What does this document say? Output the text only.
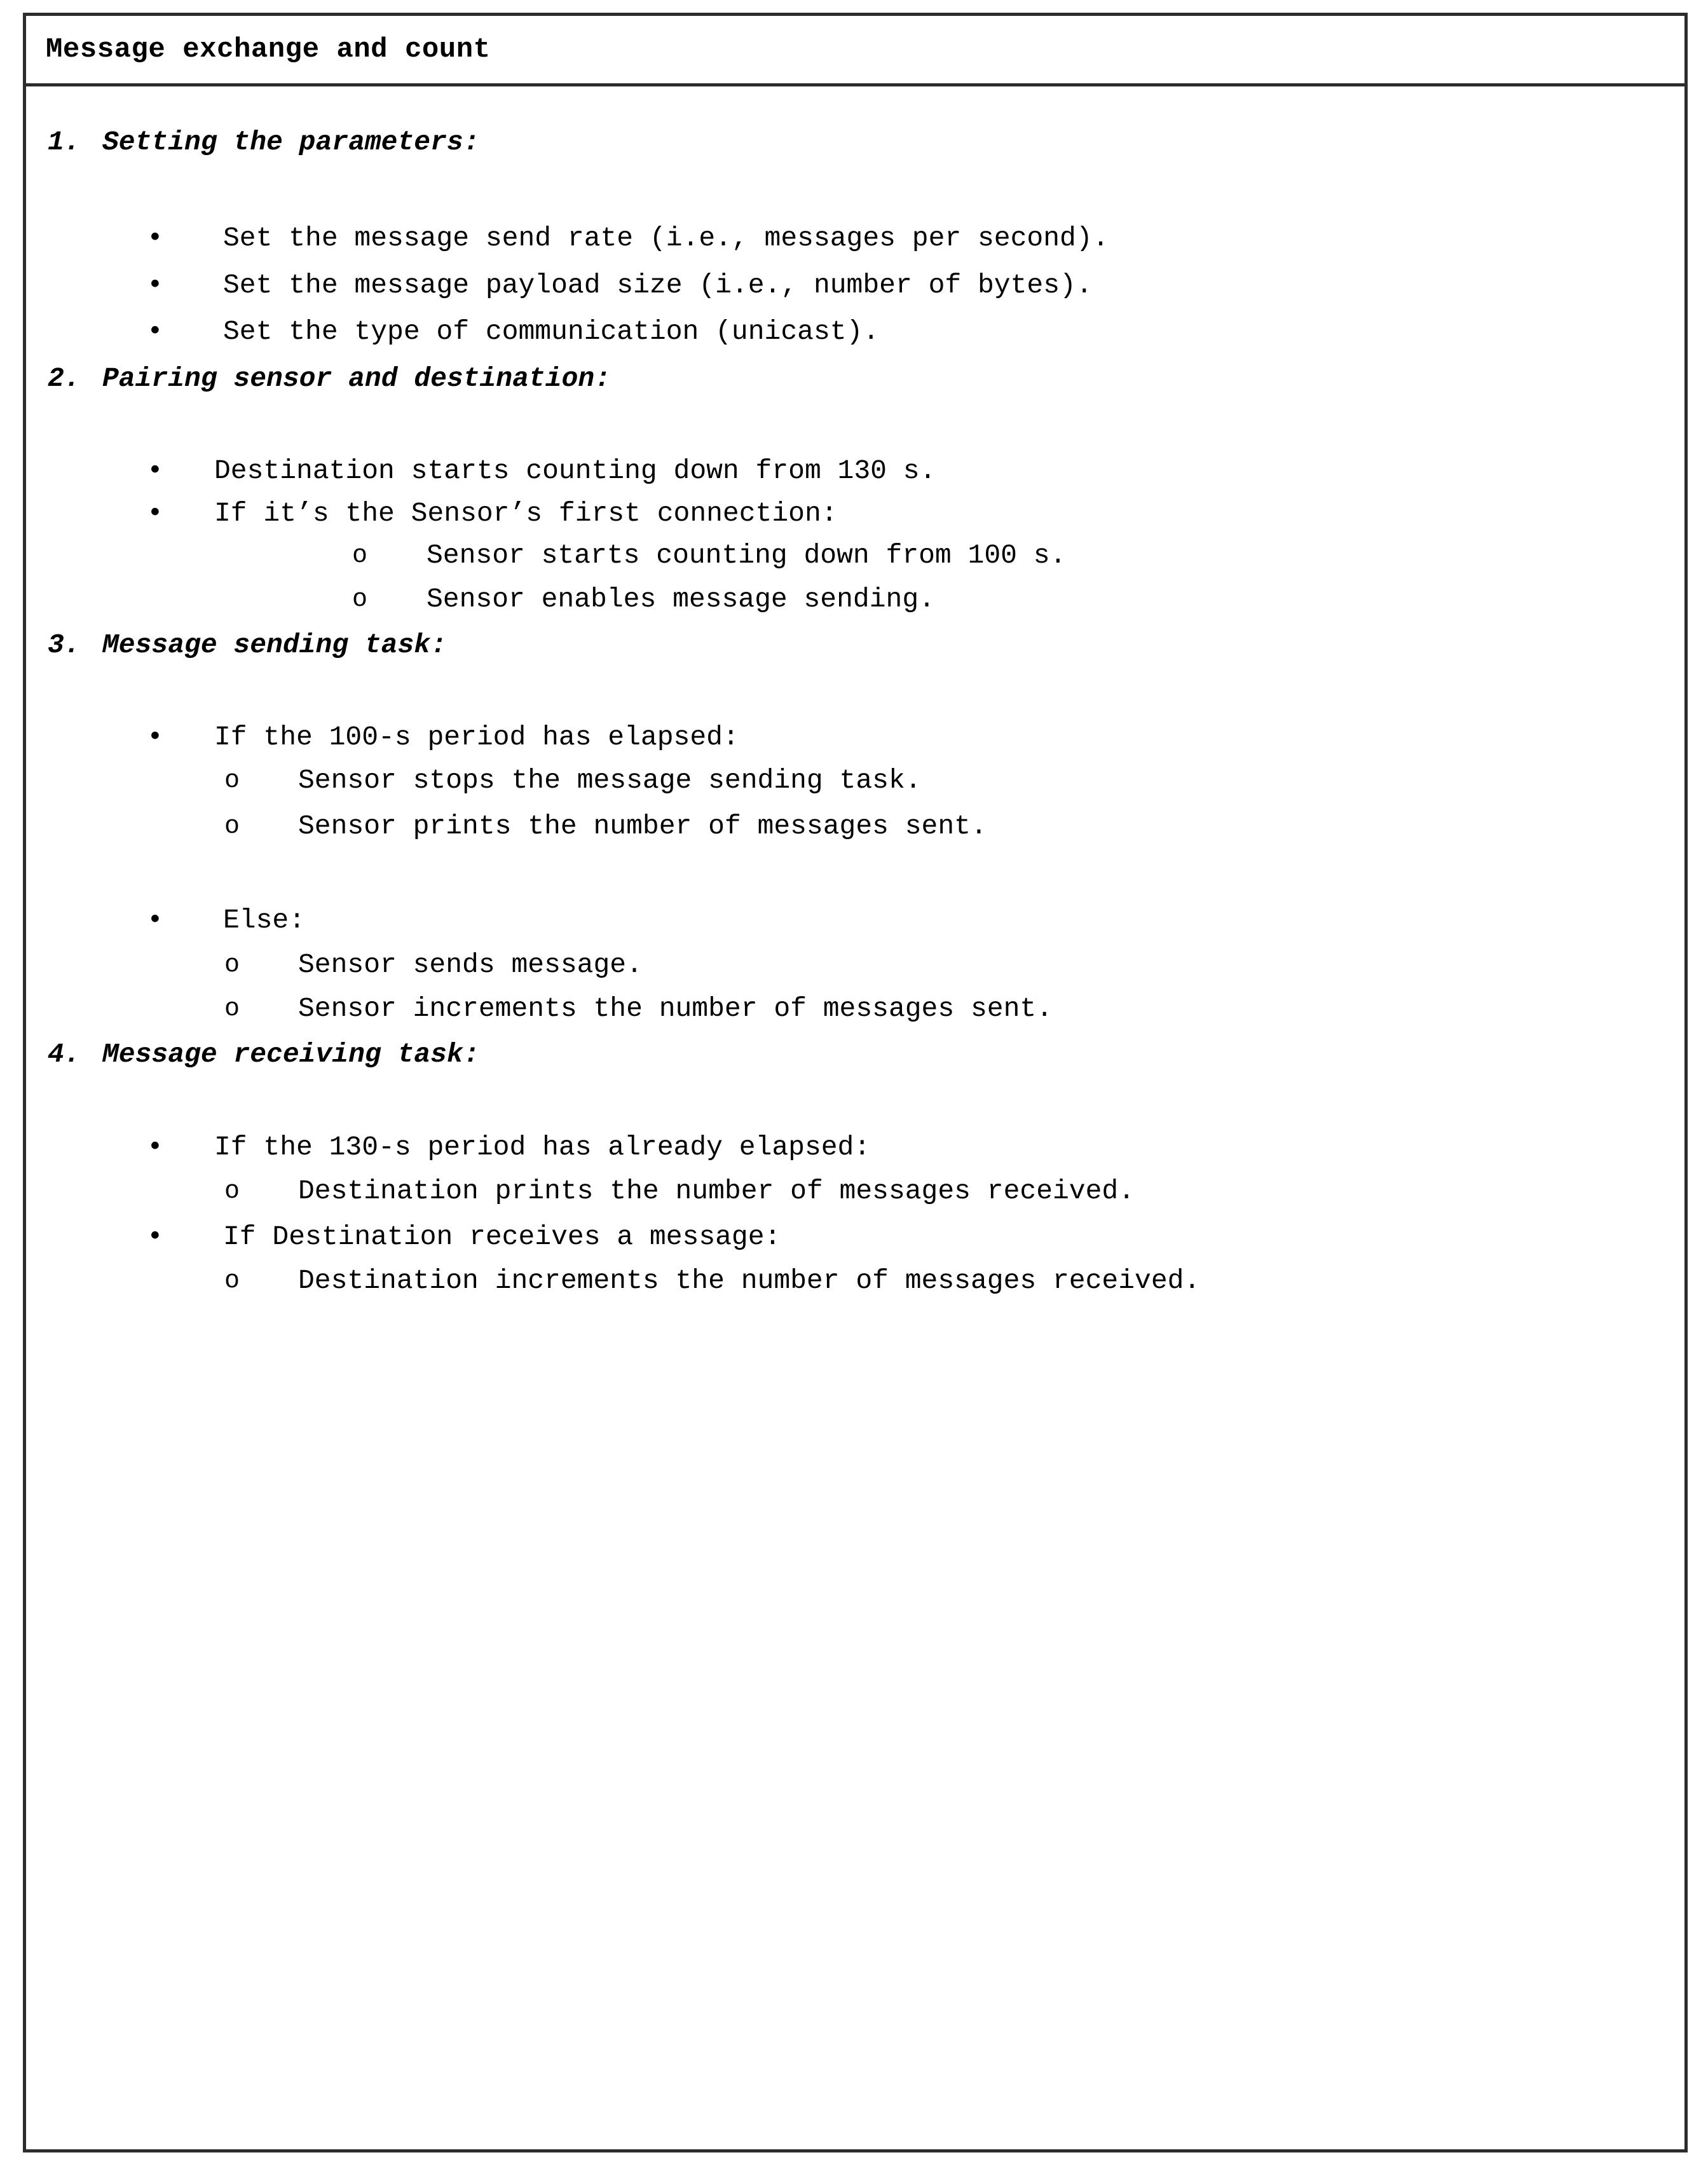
Message exchange and count
1. Setting the parameters:
•
Set the message send rate (i.e., messages per second).
•
Set the message payload size (i.e., number of bytes).
•
Set the type of communication (unicast).
2. Pairing sensor and destination:
•
Destination starts counting down from 130 s.
•
If it’s the Sensor’s first connection:
o Sensor starts counting down from 100 s.
o Sensor enables message sending.
3. Message sending task:
•
If the 100-s period has elapsed:
o Sensor stops the message sending task.
o Sensor prints the number of messages sent.
•
Else:
o Sensor sends message.
o Sensor increments the number of messages sent.
4. Message receiving task:
•
If the 130-s period has already elapsed:
o Destination prints the number of messages received.
•
If Destination receives a message:
o Destination increments the number of messages received.
